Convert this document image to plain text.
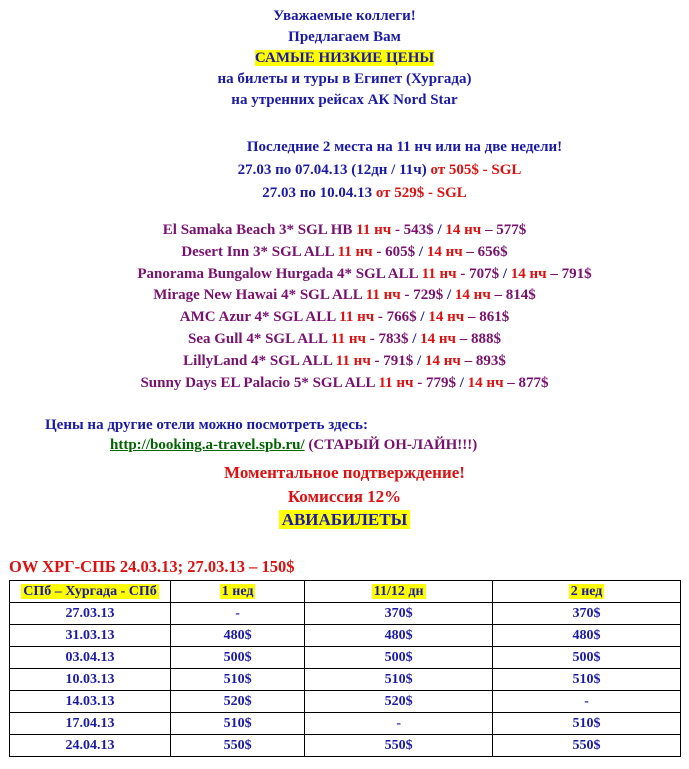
Уважаемые коллеги!
Предлагаем Вам
САМЫЕ НИЗКИЕ ЦЕНЫ
на билеты и туры в Египет (Хургада)
на утренних рейсах АК Nord Star
Последние 2 места на 11 нч или на две недели!
27.03 по 07.04.13 (12дн / 11ч) от 505$ - SGL
27.03 по 10.04.13 от 529$ - SGL
El Samaka Beach 3* SGL HB 11 нч - 543$ / 14 нч – 577$
Desert Inn 3* SGL ALL 11 нч - 605$ / 14 нч – 656$
Panorama Bungalow Hurgada 4* SGL ALL 11 нч - 707$ / 14 нч – 791$
Mirage New Hawai 4* SGL ALL 11 нч - 729$ / 14 нч – 814$
AMC Azur 4* SGL ALL 11 нч - 766$ / 14 нч – 861$
Sea Gull 4* SGL ALL 11 нч - 783$ / 14 нч – 888$
LillyLand 4* SGL ALL 11 нч - 791$ / 14 нч – 893$
Sunny Days EL Palacio 5* SGL ALL 11 нч - 779$ / 14 нч – 877$
Цены на другие отели можно посмотреть здесь:
http://booking.a-travel.spb.ru/ (СТАРЫЙ ОН-ЛАЙН!!!)
Моментальное подтверждение!
Комиссия 12%
АВИАБИЛЕТЫ
OW ХРГ-СПБ 24.03.13; 27.03.13 – 150$
СПб – Хургада - СПб	1 нед	11/12 дн	2 нед
27.03.13	-	370$	370$
31.03.13	480$	480$	480$
03.04.13	500$	500$	500$
10.03.13	510$	510$	510$
14.03.13	520$	520$	-
17.04.13	510$	-	510$
24.04.13	550$	550$	550$
